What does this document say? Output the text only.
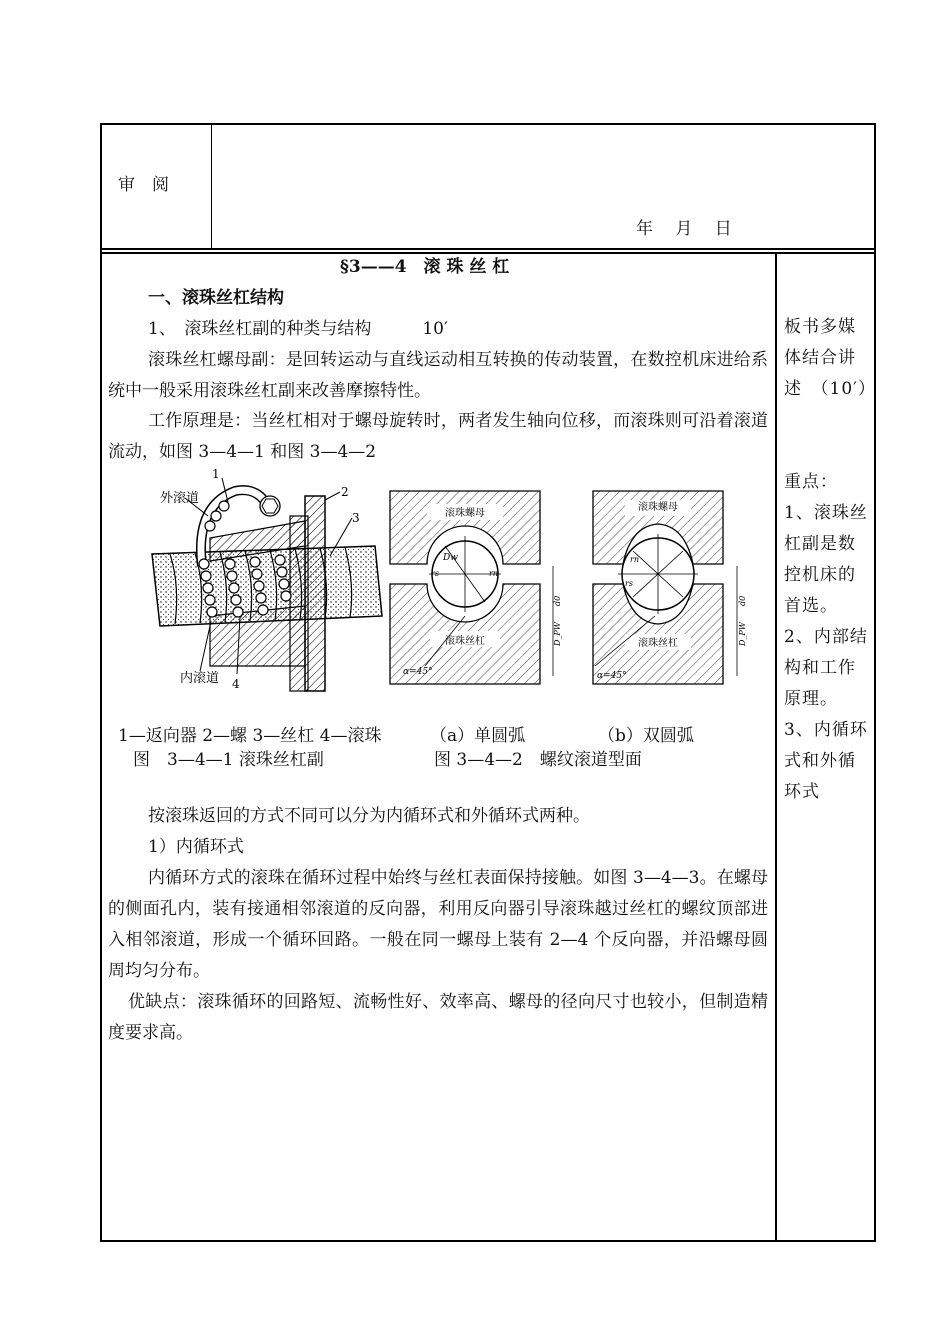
审　阅
年　 月　 日
§3——4　滚 珠 丝 杠
一、滚珠丝杠结构
1、　滚珠丝杠副的种类与结构　　　10′
滚珠丝杠螺母副：是回转运动与直线运动相互转换的传动装置，在数控机床进给系统中一般采用滚珠丝杠副来改善摩擦特性。
工作原理是：当丝杠相对于螺母旋转时，两者发生轴向位移，而滚珠则可沿着滚道流动，如图 3—4—1 和图 3—4—2
外滚道
1
2
3
内滚道 4
滚珠螺母
滚珠丝杠
Dw
rs	rn
α=45°
D_PW
d0
滚珠螺母
滚珠丝杠
rn
rs
α=45°
D_PW
d0
1—返向器 2—螺 3—丝杠 4—滚珠	（a）单圆弧	（b）双圆弧
图　3—4—1 滚珠丝杠副	图 3—4—2　螺纹滚道型面
按滚珠返回的方式不同可以分为内循环式和外循环式两种。
1）内循环式
内循环方式的滚珠在循环过程中始终与丝杠表面保持接触。如图 3—4—3。在螺母的侧面孔内，装有接通相邻滚道的反向器，利用反向器引导滚珠越过丝杠的螺纹顶部进入相邻滚道，形成一个循环回路。一般在同一螺母上装有 2—4 个反向器，并沿螺母圆周均匀分布。
优缺点：滚珠循环的回路短、流畅性好、效率高、螺母的径向尺寸也较小，但制造精度要求高。
板书多媒体结合讲述　（10′）
重点：
1、滚珠丝杠副是数控机床的首选。
2、内部结构和工作原理。
3、内循环式和外循环式
